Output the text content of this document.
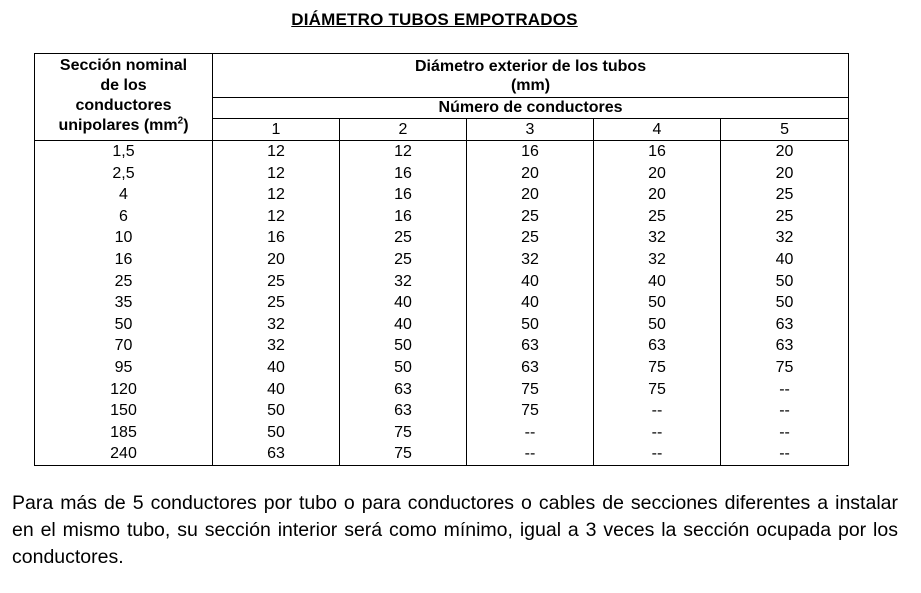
DIÁMETRO TUBOS EMPOTRADOS
Sección nominal
de los
conductores
unipolares $(mm^2)$	Diámetro exterior de los tubos
(mm)				
	Número de conductores				
	1	2	3	4	5
1,5	12	12	16	16	20
2,5	12	16	20	20	20
4	12	16	20	20	25
6	12	16	25	25	25
10	16	25	25	32	32
16	20	25	32	32	40
25	25	32	40	40	50
35	25	40	40	50	50
50	32	40	50	50	63
70	32	50	63	63	63
95	40	50	63	75	75
120	40	63	75	75	--
150	50	63	75	--	--
185	50	75	--	--	--
240	63	75	--	--	--
Para más de 5 conductores por tubo o para conductores o cables de secciones diferentes a instalar en el mismo tubo, su sección interior será como mínimo, igual a 3 veces la sección ocupada por los conductores.
